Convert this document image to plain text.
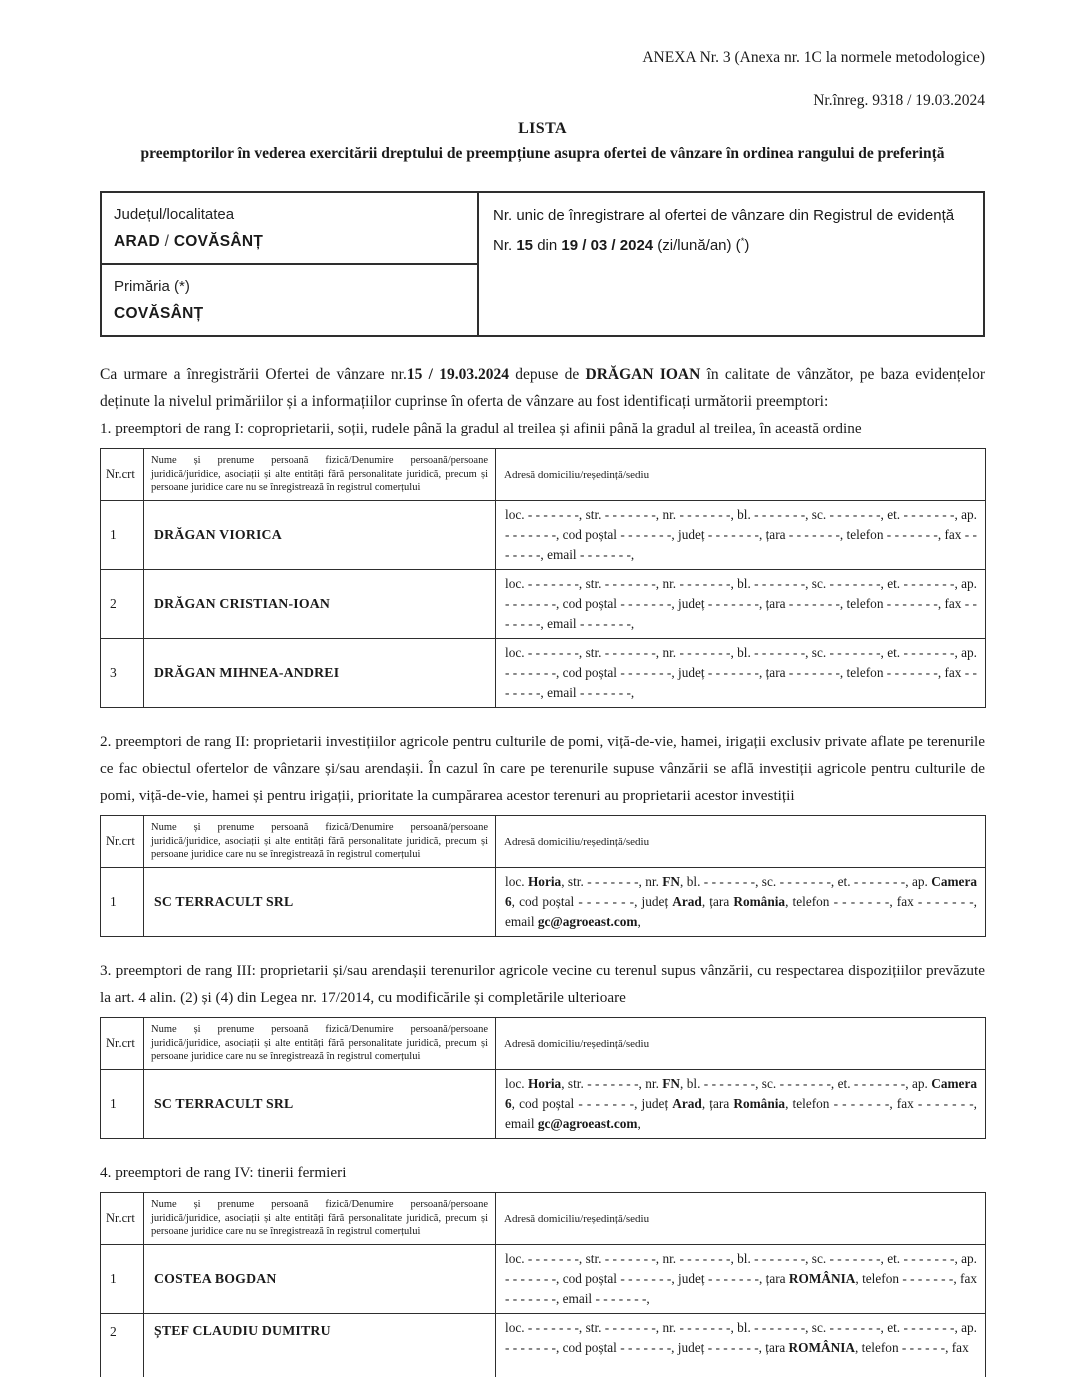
ANEXA Nr. 3 (Anexa nr. 1C la normele metodologice)
Nr.înreg. 9318 / 19.03.2024
LISTA
preemptorilor în vederea exercitării dreptului de preempțiune asupra ofertei de vânzare în ordinea rangului de preferință
Județul/localitatea
ARAD / COVĂSÂNȚ

Nr. unic de înregistrare al ofertei de vânzare din Registrul de evidență
Nr. 15 din 19 / 03 / 2024 (zi/lună/an) (*)

Primăria (*)
COVĂSÂNȚ

Ca urmare a înregistrării Ofertei de vânzare nr.15 / 19.03.2024 depuse de DRĂGAN IOAN în calitate de vânzător, pe baza evidențelor deținute la nivelul primăriilor și a informațiilor cuprinse în oferta de vânzare au fost identificați următorii preemptori:

1. preemptori de rang I: coproprietarii, soții, rudele până la gradul al treilea și afinii până la gradul al treilea, în această ordine
Nr.crt	Nume și prenume persoană fizică/Denumire persoană/persoane juridică/juridice, asociații și alte entități fără personalitate juridică, precum și persoane juridice care nu se înregistrează în registrul comerțului	Adresă domiciliu/reședință/sediu
1	DRĂGAN VIORICA	loc. - - - - - - -, str. - - - - - - -, nr. - - - - - - -, bl. - - - - - - -, sc. - - - - - - -, et. - - - - - - -, ap. - - - - - - -, cod poștal - - - - - - -, județ - - - - - - -, țara - - - - - - -, telefon - - - - - - -, fax - - - - - - -, email - - - - - - -,
2	DRĂGAN CRISTIAN-IOAN	loc. - - - - - - -, str. - - - - - - -, nr. - - - - - - -, bl. - - - - - - -, sc. - - - - - - -, et. - - - - - - -, ap. - - - - - - -, cod poștal - - - - - - -, județ - - - - - - -, țara - - - - - - -, telefon - - - - - - -, fax - - - - - - -, email - - - - - - -,
3	DRĂGAN MIHNEA-ANDREI	loc. - - - - - - -, str. - - - - - - -, nr. - - - - - - -, bl. - - - - - - -, sc. - - - - - - -, et. - - - - - - -, ap. - - - - - - -, cod poștal - - - - - - -, județ - - - - - - -, țara - - - - - - -, telefon - - - - - - -, fax - - - - - - -, email - - - - - - -,
2. preemptori de rang II: proprietarii investițiilor agricole pentru culturile de pomi, viță-de-vie, hamei, irigații exclusiv private aflate pe terenurile ce fac obiectul ofertelor de vânzare și/sau arendașii. În cazul în care pe terenurile supuse vânzării se află investiții agricole pentru culturile de pomi, viță-de-vie, hamei și pentru irigații, prioritate la cumpărarea acestor terenuri au proprietarii acestor investiții
Nr.crt	Nume și prenume persoană fizică/Denumire persoană/persoane juridică/juridice, asociații și alte entități fără personalitate juridică, precum și persoane juridice care nu se înregistrează în registrul comerțului	Adresă domiciliu/reședință/sediu
1	SC TERRACULT SRL	loc. Horia, str. - - - - - - -, nr. FN, bl. - - - - - - -, sc. - - - - - - -, et. - - - - - - -, ap. Camera 6, cod poștal - - - - - - -, județ Arad, țara România, telefon - - - - - - -, fax - - - - - - -, email gc@agroeast.com,
3. preemptori de rang III: proprietarii și/sau arendașii terenurilor agricole vecine cu terenul supus vânzării, cu respectarea dispozițiilor prevăzute la art. 4 alin. (2) și (4) din Legea nr. 17/2014, cu modificările și completările ulterioare
Nr.crt	Nume și prenume persoană fizică/Denumire persoană/persoane juridică/juridice, asociații și alte entități fără personalitate juridică, precum și persoane juridice care nu se înregistrează în registrul comerțului	Adresă domiciliu/reședință/sediu
1	SC TERRACULT SRL	loc. Horia, str. - - - - - - -, nr. FN, bl. - - - - - - -, sc. - - - - - - -, et. - - - - - - -, ap. Camera 6, cod poștal - - - - - - -, județ Arad, țara România, telefon - - - - - - -, fax - - - - - - -, email gc@agroeast.com,
4. preemptori de rang IV: tinerii fermieri
Nr.crt	Nume și prenume persoană fizică/Denumire persoană/persoane juridică/juridice, asociații și alte entități fără personalitate juridică, precum și persoane juridice care nu se înregistrează în registrul comerțului	Adresă domiciliu/reședință/sediu
1	COSTEA BOGDAN	loc. - - - - - - -, str. - - - - - - -, nr. - - - - - - -, bl. - - - - - - -, sc. - - - - - - -, et. - - - - - - -, ap. - - - - - - -, cod poștal - - - - - - -, județ - - - - - - -, țara ROMÂNIA, telefon - - - - - - -, fax - - - - - - -, email - - - - - - -,
2	ȘTEF CLAUDIU DUMITRU	loc. - - - - - - -, str. - - - - - - -, nr. - - - - - - -, bl. - - - - - - -, sc. - - - - - - -, et. - - - - - - -, ap. - - - - - - -, cod poștal - - - - - - -, județ - - - - - - -, țara ROMÂNIA, telefon - - - - - -, fax
